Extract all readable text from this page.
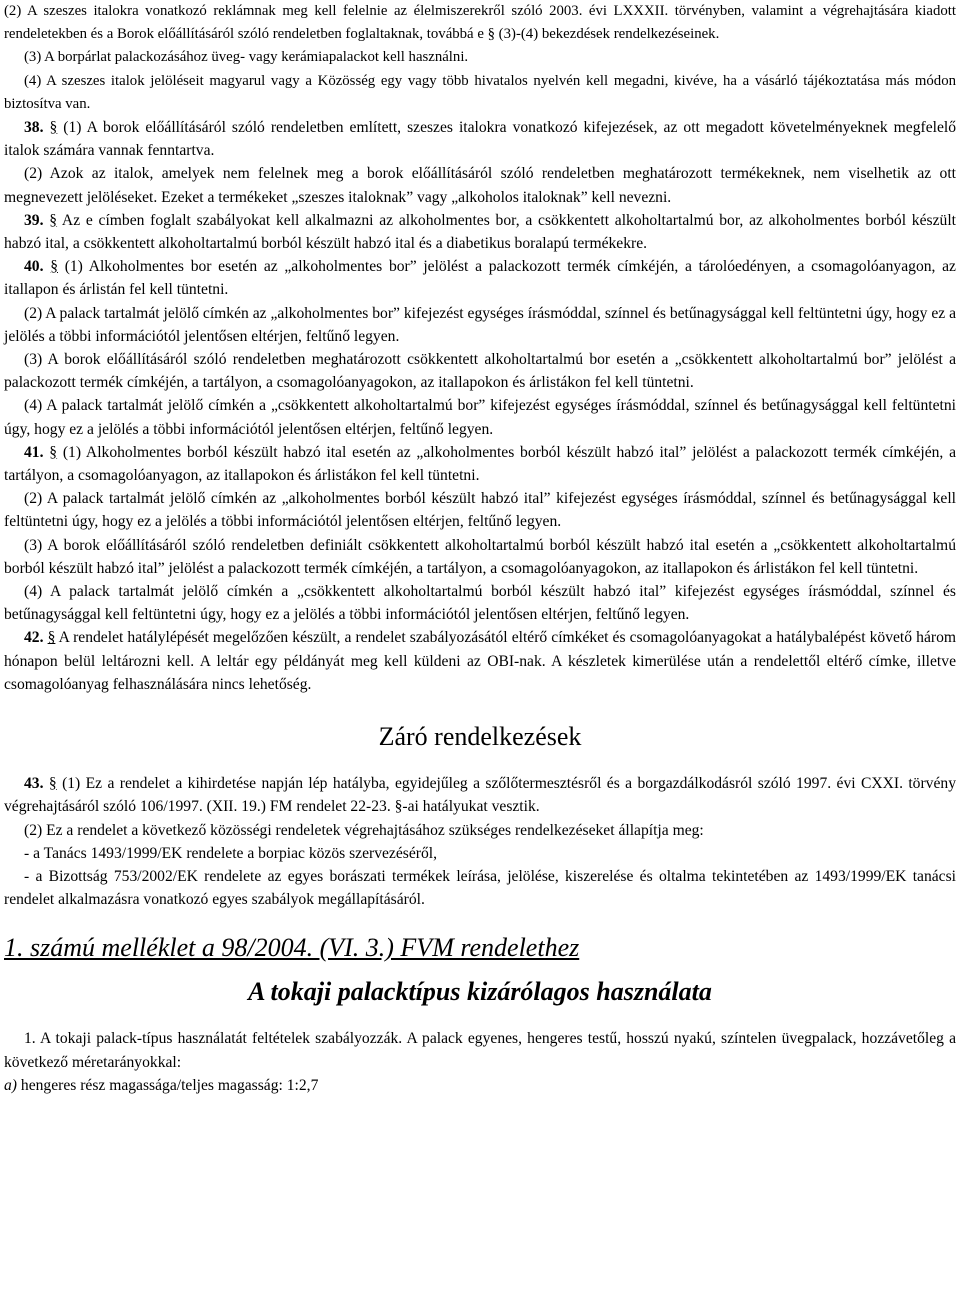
(2) A szeszes italokra vonatkozó reklámnak meg kell felelnie az élelmiszerekről szóló 2003. évi LXXXII. törvényben, valamint a végrehajtására kiadott rendeletekben és a Borok előállításáról szóló rendeletben foglaltaknak, továbbá e § (3)-(4) bekezdések rendelkezéseinek.

(3) A borpárlat palackozásához üveg- vagy kerámiapalackot kell használni.

(4) A szeszes italok jelöléseit magyarul vagy a Közösség egy vagy több hivatalos nyelvén kell megadni, kivéve, ha a vásárló tájékoztatása más módon biztosítva van.

38. § (1) A borok előállításáról szóló rendeletben említett, szeszes italokra vonatkozó kifejezések, az ott megadott követelményeknek megfelelő italok számára vannak fenntartva.

(2) Azok az italok, amelyek nem felelnek meg a borok előállításáról szóló rendeletben meghatározott termékeknek, nem viselhetik az ott megnevezett jelöléseket. Ezeket a termékeket „szeszes italoknak” vagy „alkoholos italoknak” kell nevezni.

39. § Az e címben foglalt szabályokat kell alkalmazni az alkoholmentes bor, a csökkentett alkoholtartalmú bor, az alkoholmentes borból készült habzó ital, a csökkentett alkoholtartalmú borból készült habzó ital és a diabetikus boralapú termékekre.

40. § (1) Alkoholmentes bor esetén az „alkoholmentes bor” jelölést a palackozott termék címkéjén, a tárolóedényen, a csomagolóanyagon, az itallapon és árlistán fel kell tüntetni.

(2) A palack tartalmát jelölő címkén az „alkoholmentes bor” kifejezést egységes írásmóddal, színnel és betűnagysággal kell feltüntetni úgy, hogy ez a jelölés a többi információtól jelentősen eltérjen, feltűnő legyen.

(3) A borok előállításáról szóló rendeletben meghatározott csökkentett alkoholtartalmú bor esetén a „csökkentett alkoholtartalmú bor” jelölést a palackozott termék címkéjén, a tartályon, a csomagolóanyagokon, az itallapokon és árlistákon fel kell tüntetni.

(4) A palack tartalmát jelölő címkén a „csökkentett alkoholtartalmú bor” kifejezést egységes írásmóddal, színnel és betűnagysággal kell feltüntetni úgy, hogy ez a jelölés a többi információtól jelentősen eltérjen, feltűnő legyen.

41. § (1) Alkoholmentes borból készült habzó ital esetén az „alkoholmentes borból készült habzó ital” jelölést a palackozott termék címkéjén, a tartályon, a csomagolóanyagon, az itallapokon és árlistákon fel kell tüntetni.

(2) A palack tartalmát jelölő címkén az „alkoholmentes borból készült habzó ital” kifejezést egységes írásmóddal, színnel és betűnagysággal kell feltüntetni úgy, hogy ez a jelölés a többi információtól jelentősen eltérjen, feltűnő legyen.

(3) A borok előállításáról szóló rendeletben definiált csökkentett alkoholtartalmú borból készült habzó ital esetén a „csökkentett alkoholtartalmú borból készült habzó ital” jelölést a palackozott termék címkéjén, a tartályon, a csomagolóanyagokon, az itallapokon és árlistákon fel kell tüntetni.

(4) A palack tartalmát jelölő címkén a „csökkentett alkoholtartalmú borból készült habzó ital” kifejezést egységes írásmóddal, színnel és betűnagysággal kell feltüntetni úgy, hogy ez a jelölés a többi információtól jelentősen eltérjen, feltűnő legyen.

42. § A rendelet hatálylépését megelőzően készült, a rendelet szabályozásától eltérő címkéket és csomagolóanyagokat a hatálybalépést követő három hónapon belül leltározni kell. A leltár egy példányát meg kell küldeni az OBI-nak. A készletek kimerülése után a rendelettől eltérő címke, illetve csomagolóanyag felhasználására nincs lehetőség.

Záró rendelkezések

43. § (1) Ez a rendelet a kihirdetése napján lép hatályba, egyidejűleg a szőlőtermesztésről és a borgazdálkodásról szóló 1997. évi CXXI. törvény végrehajtásáról szóló 106/1997. (XII. 19.) FM rendelet 22-23. §-ai hatályukat vesztik.

(2) Ez a rendelet a következő közösségi rendeletek végrehajtásához szükséges rendelkezéseket állapítja meg:

- a Tanács 1493/1999/EK rendelete a borpiac közös szervezéséről,

- a Bizottság 753/2002/EK rendelete az egyes borászati termékek leírása, jelölése, kiszerelése és oltalma tekintetében az 1493/1999/EK tanácsi rendelet alkalmazásra vonatkozó egyes szabályok megállapításáról.

1. számú melléklet a 98/2004. (VI. 3.) FVM rendelethez
A tokaji palacktípus kizárólagos használata

1. A tokaji palack-típus használatát feltételek szabályozzák. A palack egyenes, hengeres testű, hosszú nyakú, színtelen üvegpalack, hozzávetőleg a következő méretarányokkal:

a) hengeres rész magassága/teljes magasság: 1:2,7
